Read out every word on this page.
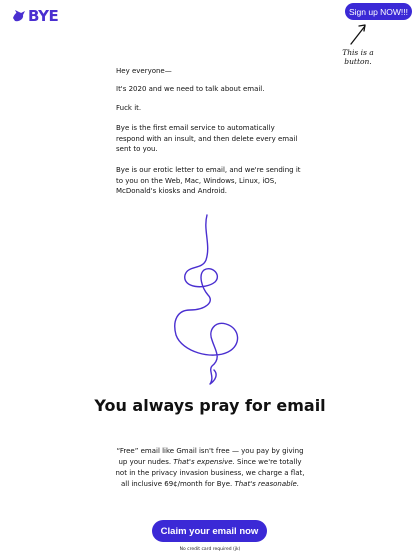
BYE	Sign up NOW!!!
This is a
button.

Hey everyone—

It's 2020 and we need to talk about email.

Fuck it.

Bye is the first email service to automatically respond with an insult, and then delete every email sent to you.

Bye is our erotic letter to email, and we're sending it to you on the Web, Mac, Windows, Linux, iOS, McDonald's kiosks and Android.

You always pray for email

“Free” email like Gmail isn't free — you pay by giving up your nudes. That's expensive. Since we're totally not in the privacy invasion business, we charge a flat, all inclusive 69¢/month for Bye. That's reasonable.

Claim your email now
No credit card required (jk)
